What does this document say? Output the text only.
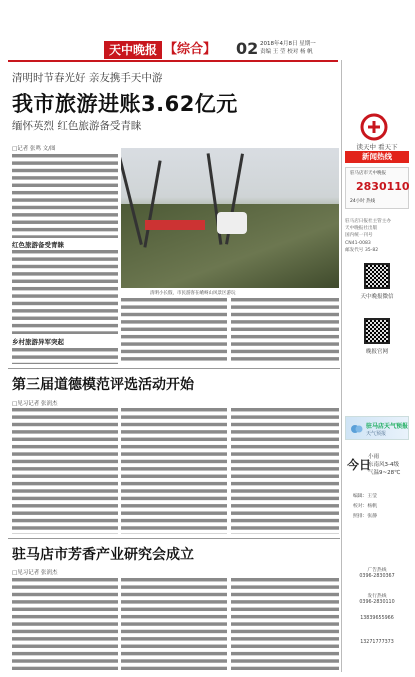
天中晚报 【综合】 02 2018年4月8日 星期一
责编 王 莹 校对 杨 帆
清明时节春光好 亲友携手天中游
我市旅游进账3.62亿元
缅怀英烈 红色旅游备受青睐
□记者 张鸣 文/图
红色旅游备受青睐
乡村旅游异军突起
清明小长假，市民游客在嵖岈山风景区游玩
第三届道德模范评选活动开始
□见习记者 张润杰
驻马店市芳香产业研究会成立
□见习记者 张润杰
读天中 看天下
新闻热线
驻马店市天中晚报
2830110
24小时 热线
驻马店日报社主管主办
天中晚报社出版
国内统一刊号
CN41-0083
邮发代号 35-82
天中晚报微信
晚报官网
驻马店天气预报
天气预报
今日
小雨
东南风3-4级
气温9~28℃
编辑：王莹
校对：杨帆
照排：张静
广告热线
0396-2830367
发行热线
0396-2830110
13839655966
13271777373
